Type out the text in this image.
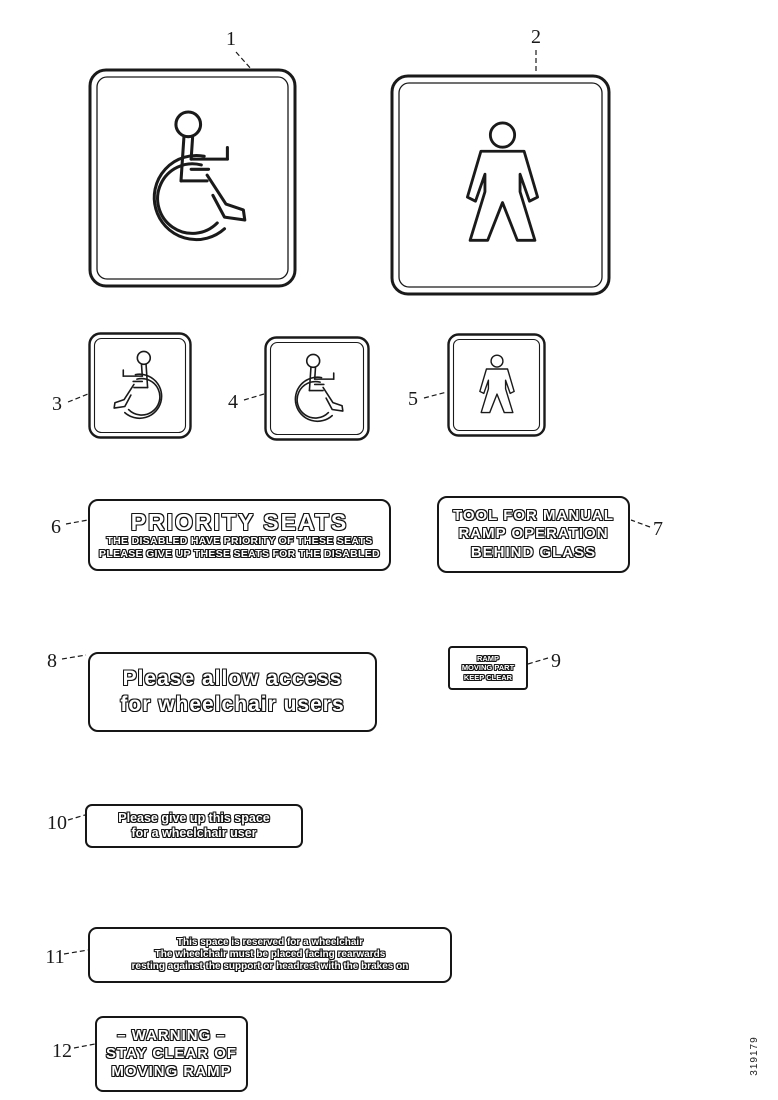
1	2
3	4	5
6	7
8	9
10
11
12
PRIORITY SEATS
THE DISABLED HAVE PRIORITY OF THESE SEATS
PLEASE GIVE UP THESE SEATS FOR THE DISABLED
TOOL FOR MANUAL
RAMP OPERATION
BEHIND GLASS
Please allow access
for wheelchair users
RAMP
MOVING PART
KEEP CLEAR
Please give up this space
for a wheelchair user
This space is reserved for a wheelchair
The wheelchair must be placed facing rearwards
resting against the support or headrest with the brakes on
– WARNING –
STAY CLEAR OF
MOVING RAMP	319179
